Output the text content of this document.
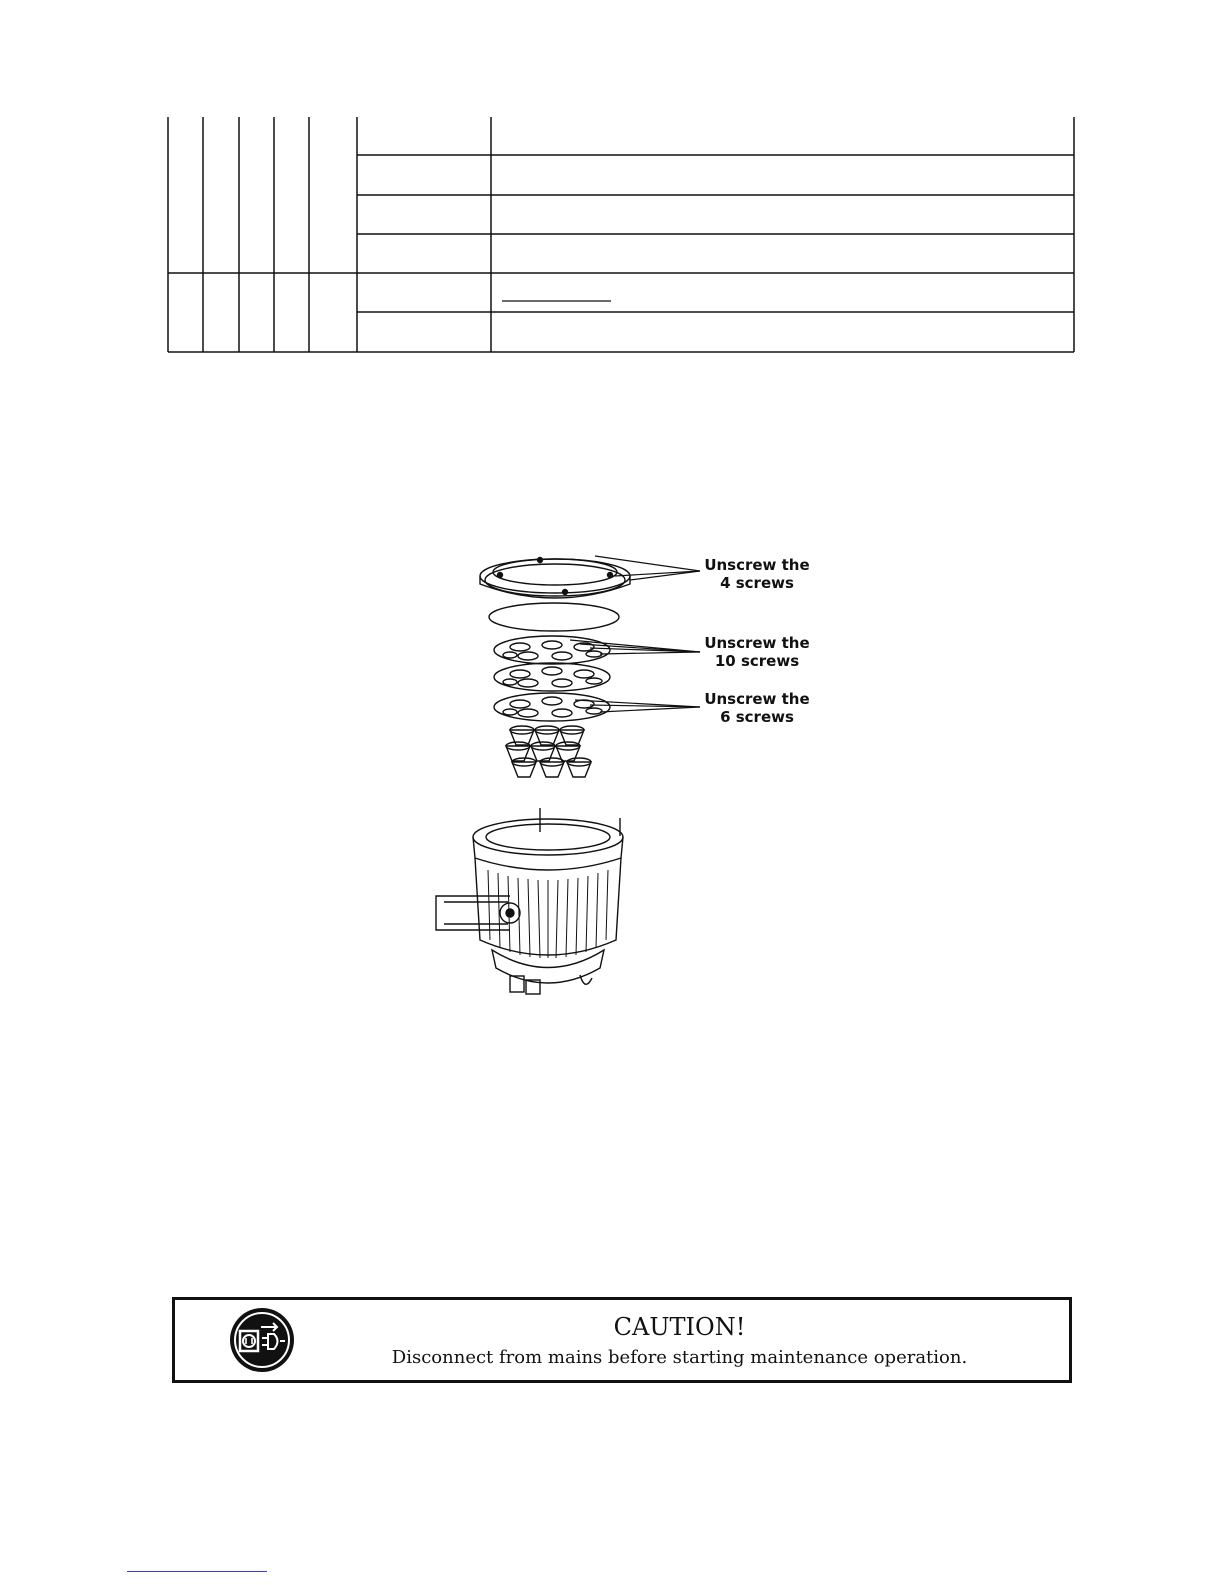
Unscrew the
4 screws
Unscrew the
10 screws
Unscrew the
6 screws
CAUTION!
Disconnect from mains before starting maintenance operation.
